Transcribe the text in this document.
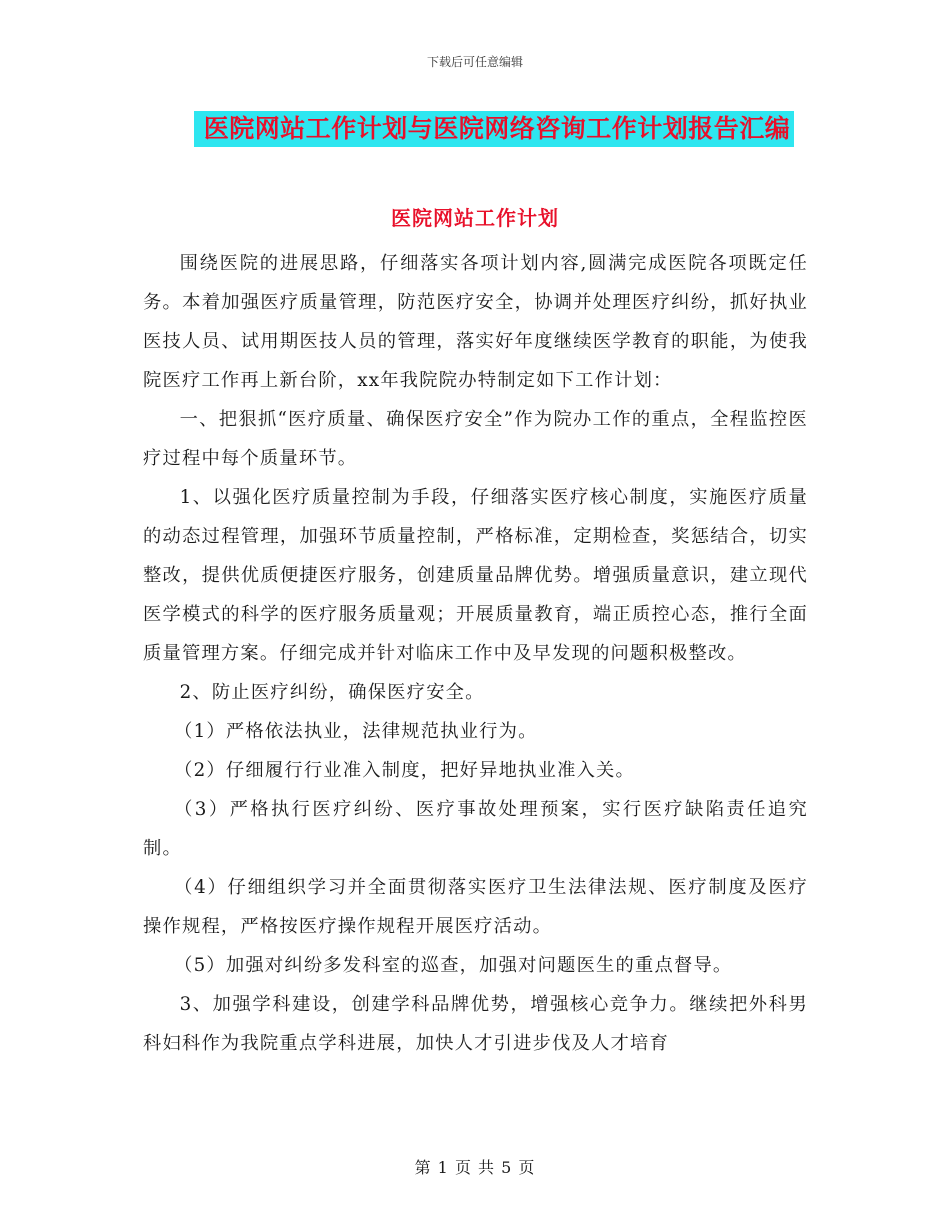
下载后可任意编辑
医院网站工作计划与医院网络咨询工作计划报告汇编
医院网站工作计划

围绕医院的进展思路，仔细落实各项计划内容,圆满完成医院各项既定任务。本着加强医疗质量管理，防范医疗安全，协调并处理医疗纠纷，抓好执业医技人员、试用期医技人员的管理，落实好年度继续医学教育的职能，为使我院医疗工作再上新台阶，xx年我院院办特制定如下工作计划：

一、把狠抓“医疗质量、确保医疗安全”作为院办工作的重点，全程监控医疗过程中每个质量环节。

1、以强化医疗质量控制为手段，仔细落实医疗核心制度，实施医疗质量的动态过程管理，加强环节质量控制，严格标准，定期检查，奖惩结合，切实整改，提供优质便捷医疗服务，创建质量品牌优势。增强质量意识，建立现代医学模式的科学的医疗服务质量观；开展质量教育，端正质控心态，推行全面质量管理方案。仔细完成并针对临床工作中及早发现的问题积极整改。

2、防止医疗纠纷，确保医疗安全。

（1）严格依法执业，法律规范执业行为。

（2）仔细履行行业准入制度，把好异地执业准入关。

（3）严格执行医疗纠纷、医疗事故处理预案，实行医疗缺陷责任追究制。

（4）仔细组织学习并全面贯彻落实医疗卫生法律法规、医疗制度及医疗操作规程，严格按医疗操作规程开展医疗活动。

（5）加强对纠纷多发科室的巡查，加强对问题医生的重点督导。

3、加强学科建设，创建学科品牌优势，增强核心竞争力。继续把外科男科妇科作为我院重点学科进展，加快人才引进步伐及人才培育

第 1 页 共 5 页
